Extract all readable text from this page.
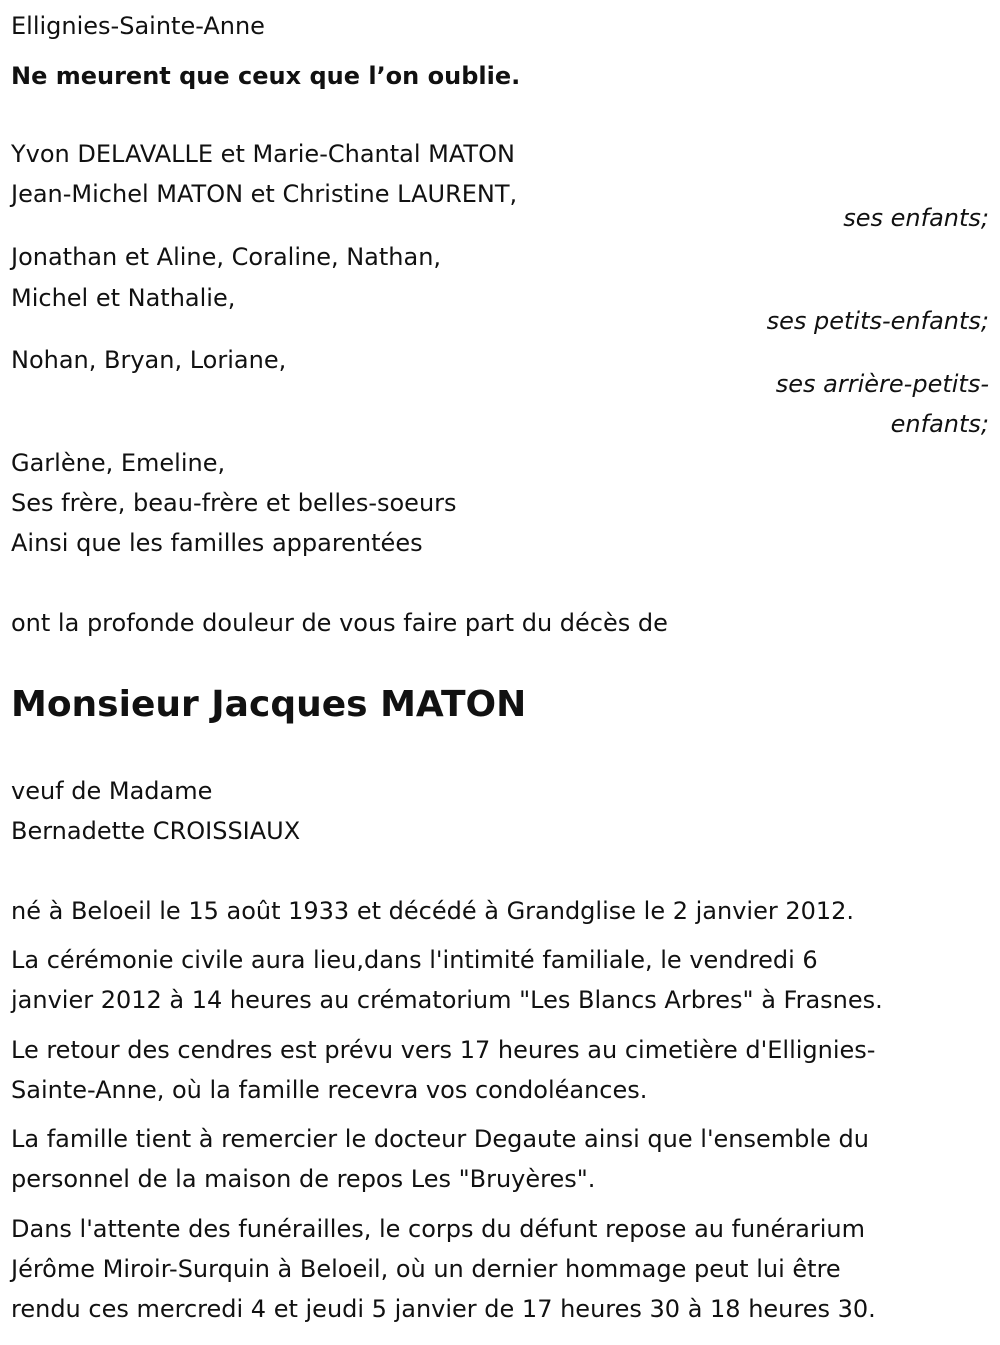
Ellignies-Sainte-Anne
Ne meurent que ceux que l’on oublie.
Yvon DELAVALLE et Marie-Chantal MATON
Jean-Michel MATON et Christine LAURENT,
ses enfants;
Jonathan et Aline, Coraline, Nathan,
Michel et Nathalie,
ses petits-enfants;
Nohan, Bryan, Loriane,
ses arrière-petits-
enfants;
Garlène, Emeline,
Ses frère, beau-frère et belles-soeurs
Ainsi que les familles apparentées
ont la profonde douleur de vous faire part du décès de
Monsieur Jacques MATON
veuf de Madame
Bernadette CROISSIAUX
né à Beloeil le 15 août 1933 et décédé à Grandglise le 2 janvier 2012.
La cérémonie civile aura lieu,dans l'intimité familiale, le vendredi 6
janvier 2012 à 14 heures au crématorium "Les Blancs Arbres" à Frasnes.
Le retour des cendres est prévu vers 17 heures au cimetière d'Ellignies-
Sainte-Anne, où la famille recevra vos condoléances.
La famille tient à remercier le docteur Degaute ainsi que l'ensemble du
personnel de la maison de repos Les "Bruyères".
Dans l'attente des funérailles, le corps du défunt repose au funérarium
Jérôme Miroir-Surquin à Beloeil, où un dernier hommage peut lui être
rendu ces mercredi 4 et jeudi 5 janvier de 17 heures 30 à 18 heures 30.
